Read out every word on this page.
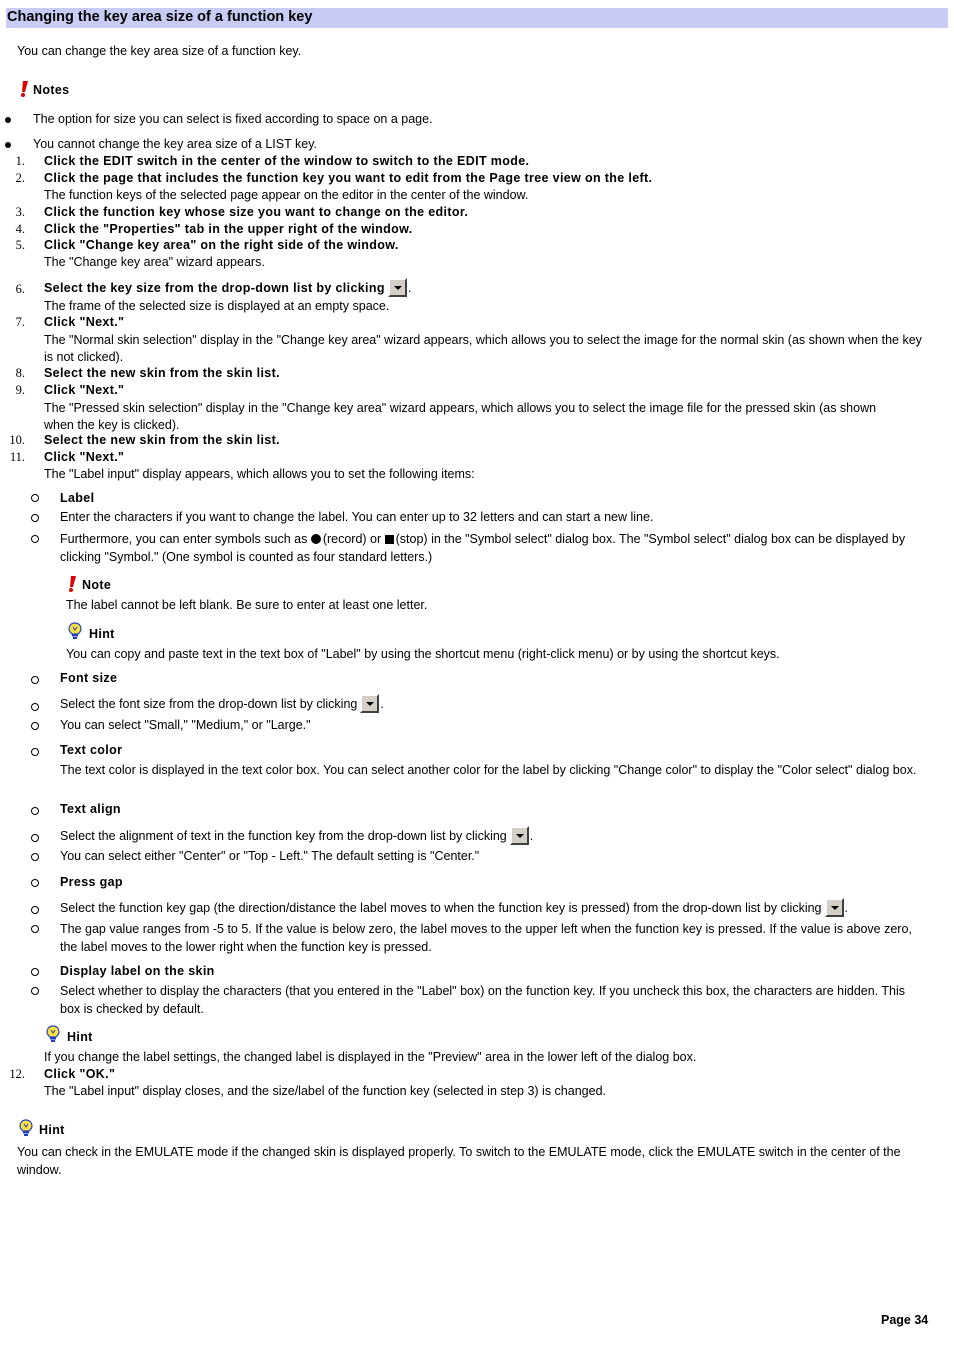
Changing the key area size of a function key
You can change the key area size of a function key.
Notes
The option for size you can select is fixed according to space on a page.
You cannot change the key area size of a LIST key.
1. Click the EDIT switch in the center of the window to switch to the EDIT mode.
2. Click the page that includes the function key you want to edit from the Page tree view on the left.
The function keys of the selected page appear on the editor in the center of the window.
3. Click the function key whose size you want to change on the editor.
4. Click the "Properties" tab in the upper right of the window.
5. Click "Change key area" on the right side of the window.
The "Change key area" wizard appears.
6. Select the key size from the drop-down list by clicking .
The frame of the selected size is displayed at an empty space.
7. Click "Next."
The "Normal skin selection" display in the "Change key area" wizard appears, which allows you to select the image for the normal skin (as shown when the key is not clicked).
8. Select the new skin from the skin list.
9. Click "Next."
The "Pressed skin selection" display in the "Change key area" wizard appears, which allows you to select the image file for the pressed skin (as shown when the key is clicked).
10. Select the new skin from the skin list.
11. Click "Next."
The "Label input" display appears, which allows you to set the following items:
Label
Enter the characters if you want to change the label. You can enter up to 32 letters and can start a new line.
Furthermore, you can enter symbols such as (record) or (stop) in the "Symbol select" dialog box. The "Symbol select" dialog box can be displayed by clicking "Symbol." (One symbol is counted as four standard letters.)
Note
The label cannot be left blank. Be sure to enter at least one letter.
Hint
You can copy and paste text in the text box of "Label" by using the shortcut menu (right-click menu) or by using the shortcut keys.
Font size
Select the font size from the drop-down list by clicking .
You can select "Small," "Medium," or "Large."
Text color
The text color is displayed in the text color box. You can select another color for the label by clicking "Change color" to display the "Color select" dialog box.
Text align
Select the alignment of text in the function key from the drop-down list by clicking .
You can select either "Center" or "Top - Left." The default setting is "Center."
Press gap
Select the function key gap (the direction/distance the label moves to when the function key is pressed) from the drop-down list by clicking .
The gap value ranges from -5 to 5. If the value is below zero, the label moves to the upper left when the function key is pressed. If the value is above zero, the label moves to the lower right when the function key is pressed.
Display label on the skin
Select whether to display the characters (that you entered in the "Label" box) on the function key. If you uncheck this box, the characters are hidden. This box is checked by default.
Hint
If you change the label settings, the changed label is displayed in the "Preview" area in the lower left of the dialog box.
12. Click "OK."
The "Label input" display closes, and the size/label of the function key (selected in step 3) is changed.
Hint
You can check in the EMULATE mode if the changed skin is displayed properly. To switch to the EMULATE mode, click the EMULATE switch in the center of the window.
Page 34
